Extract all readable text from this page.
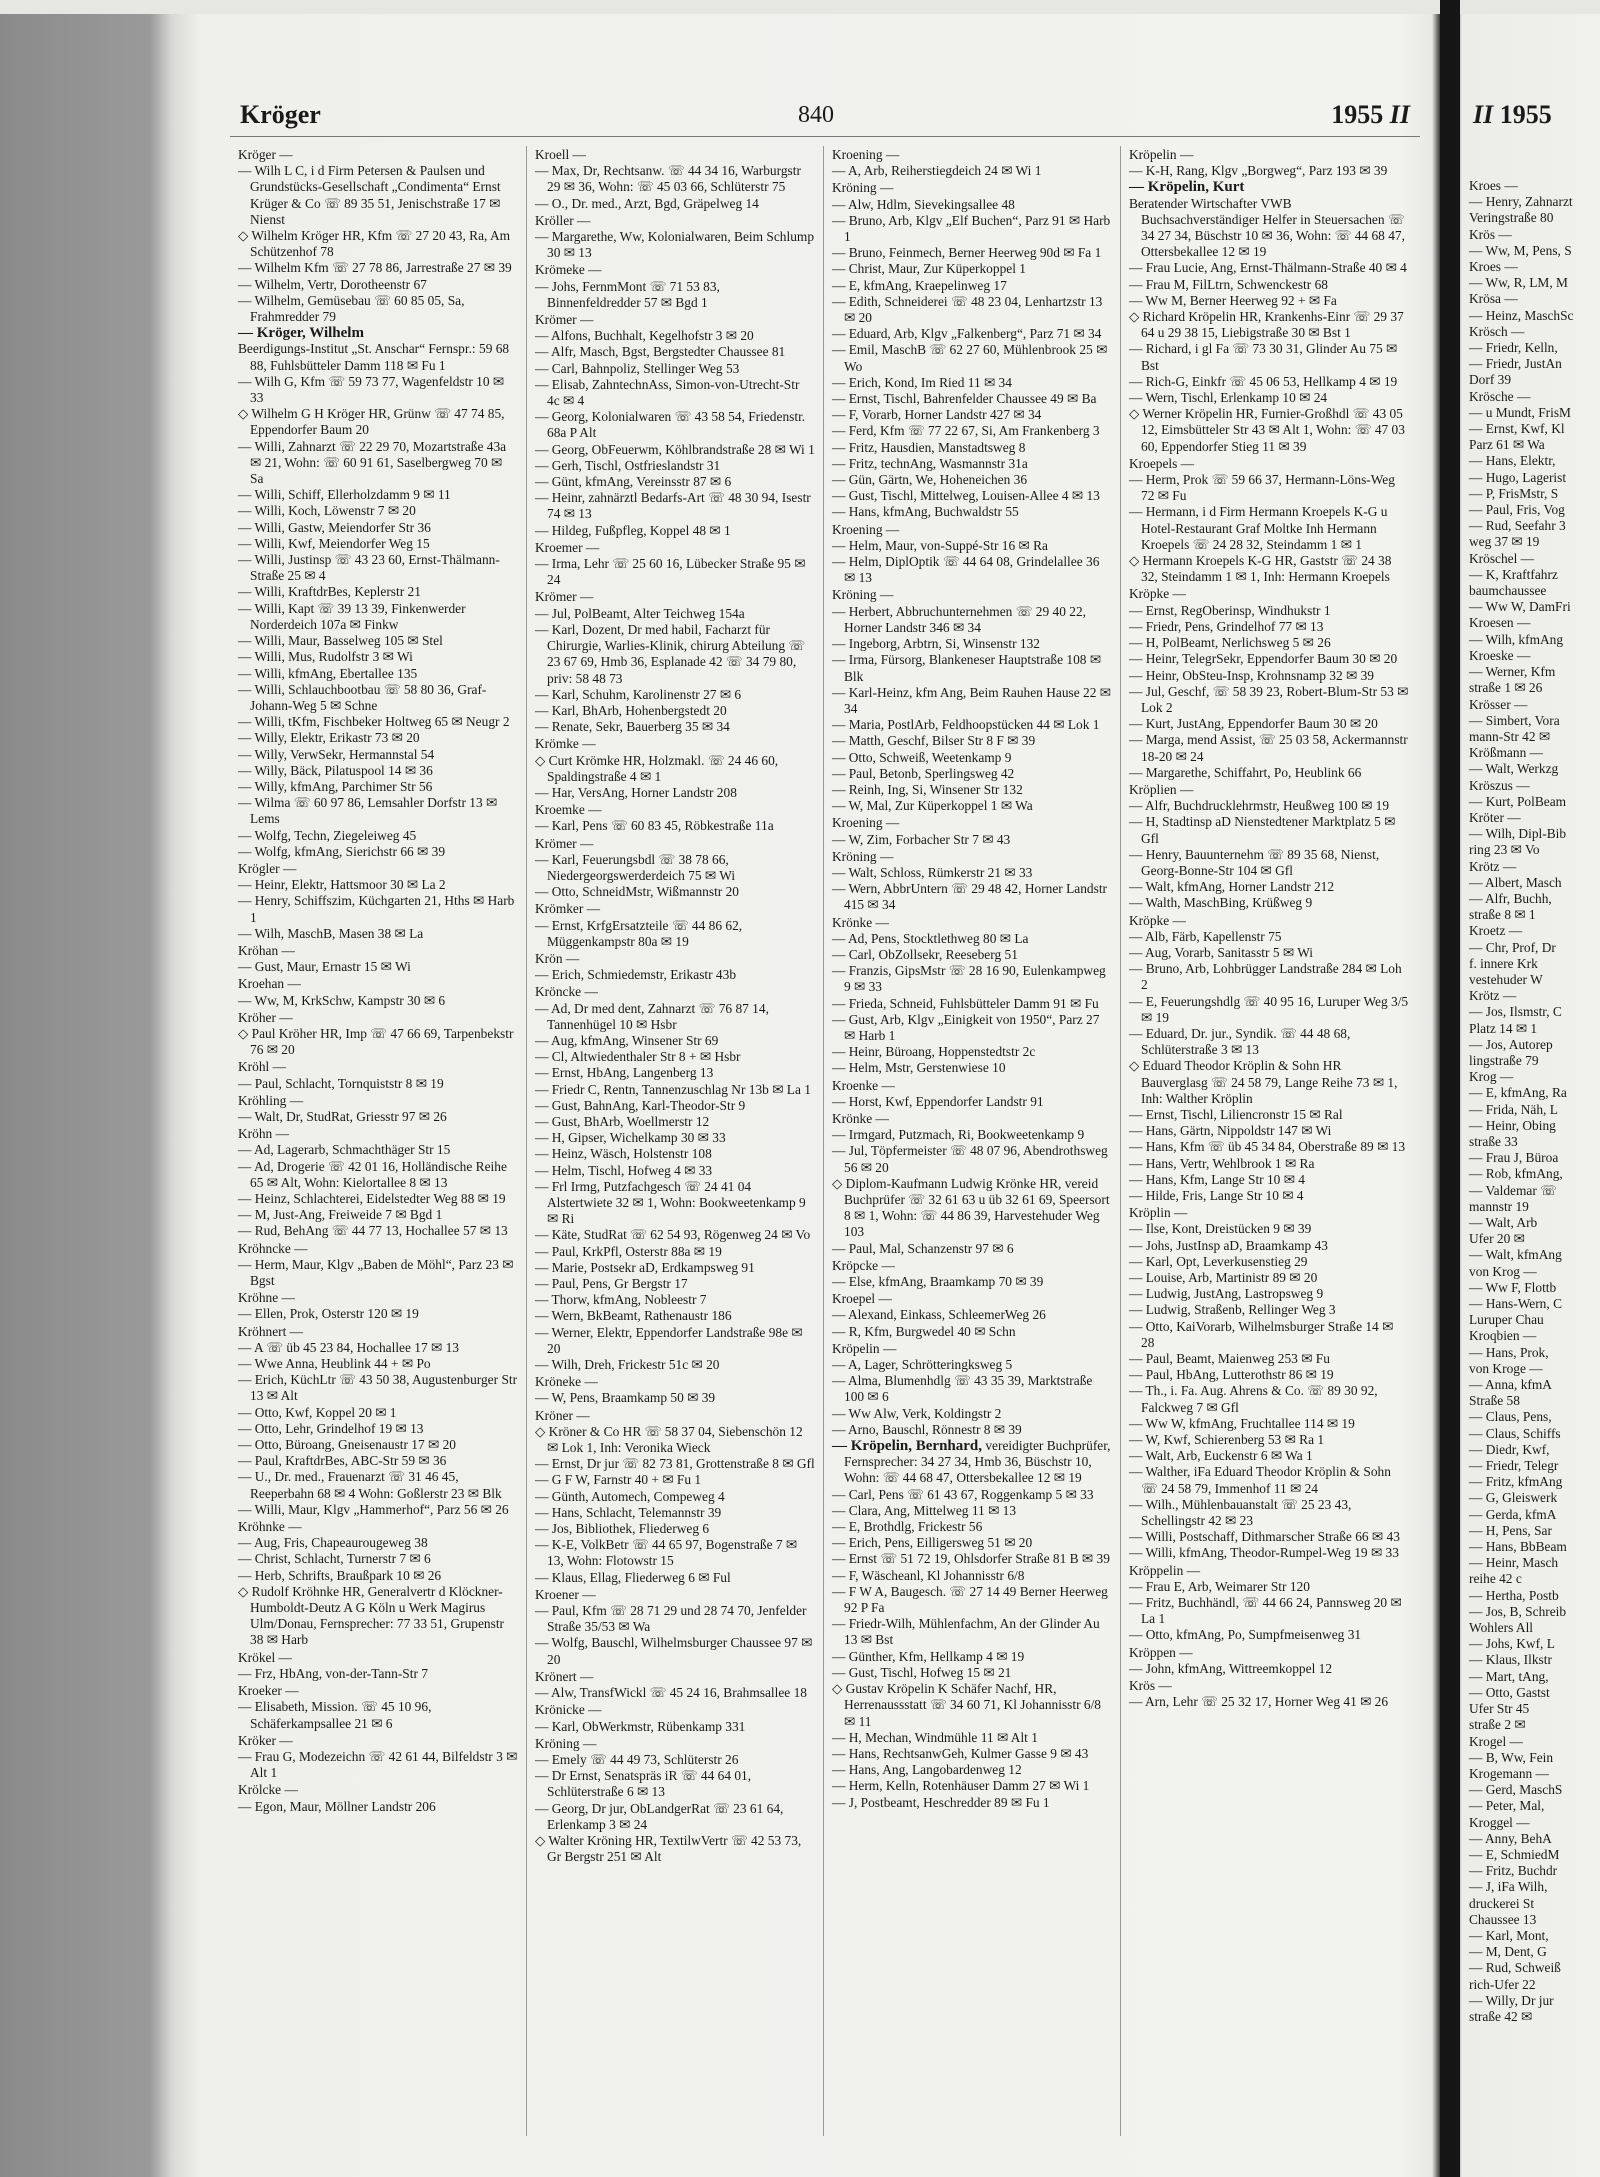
Kröger	840	1955 II
Kröger —
— Wilh L C, i d Firm Petersen & Paulsen und Grundstücks-Gesellschaft „Condimenta“ Ernst Krüger & Co ☏ 89 35 51, Jenischstraße 17 ✉ Nienst
◇ Wilhelm Kröger HR, Kfm ☏ 27 20 43, Ra, Am Schützenhof 78
— Wilhelm Kfm ☏ 27 78 86, Jarrestraße 27 ✉ 39
— Wilhelm, Vertr, Dorotheenstr 67
— Wilhelm, Gemüsebau ☏ 60 85 05, Sa, Frahmredder 79
— Kröger, Wilhelm
Beerdigungs-Institut „St. Anschar“ Fernspr.: 59 68 88, Fuhlsbütteler Damm 118 ✉ Fu 1
— Wilh G, Kfm ☏ 59 73 77, Wagenfeldstr 10 ✉ 33
◇ Wilhelm G H Kröger HR, Grünw ☏ 47 74 85, Eppendorfer Baum 20
— Willi, Zahnarzt ☏ 22 29 70, Mozartstraße 43a ✉ 21, Wohn: ☏ 60 91 61, Saselbergweg 70 ✉ Sa
— Willi, Schiff, Ellerholzdamm 9 ✉ 11
— Willi, Koch, Löwenstr 7 ✉ 20
— Willi, Gastw, Meiendorfer Str 36
— Willi, Kwf, Meiendorfer Weg 15
— Willi, Justinsp ☏ 43 23 60, Ernst-Thälmann-Straße 25 ✉ 4
— Willi, KraftdrBes, Keplerstr 21
— Willi, Kapt ☏ 39 13 39, Finkenwerder Norderdeich 107a ✉ Finkw
— Willi, Maur, Basselweg 105 ✉ Stel
— Willi, Mus, Rudolfstr 3 ✉ Wi
— Willi, kfmAng, Ebertallee 135
— Willi, Schlauchbootbau ☏ 58 80 36, Graf-Johann-Weg 5 ✉ Schne
— Willi, tKfm, Fischbeker Holtweg 65 ✉ Neugr 2
— Willy, Elektr, Erikastr 73 ✉ 20
— Willy, VerwSekr, Hermannstal 54
— Willy, Bäck, Pilatuspool 14 ✉ 36
— Willy, kfmAng, Parchimer Str 56
— Wilma ☏ 60 97 86, Lemsahler Dorfstr 13 ✉ Lems
— Wolfg, Techn, Ziegeleiweg 45
— Wolfg, kfmAng, Sierichstr 66 ✉ 39
Krögler —
— Heinr, Elektr, Hattsmoor 30 ✉ La 2
— Henry, Schiffszim, Küchgarten 21, Hths ✉ Harb 1
— Wilh, MaschB, Masen 38 ✉ La
Kröhan —
— Gust, Maur, Ernastr 15 ✉ Wi
Kroehan —
— Ww, M, KrkSchw, Kampstr 30 ✉ 6
Kröher —
◇ Paul Kröher HR, Imp ☏ 47 66 69, Tarpenbekstr 76 ✉ 20
Kröhl —
— Paul, Schlacht, Tornquiststr 8 ✉ 19
Kröhling —
— Walt, Dr, StudRat, Griesstr 97 ✉ 26
Kröhn —
— Ad, Lagerarb, Schmachthäger Str 15
— Ad, Drogerie ☏ 42 01 16, Holländische Reihe 65 ✉ Alt, Wohn: Kielortallee 8 ✉ 13
— Heinz, Schlachterei, Eidelstedter Weg 88 ✉ 19
— M, Just-Ang, Freiweide 7 ✉ Bgd 1
— Rud, BehAng ☏ 44 77 13, Hochallee 57 ✉ 13
Kröhncke —
— Herm, Maur, Klgv „Baben de Möhl“, Parz 23 ✉ Bgst
Kröhne —
— Ellen, Prok, Osterstr 120 ✉ 19
Kröhnert —
— A ☏ üb 45 23 84, Hochallee 17 ✉ 13
— Wwe Anna, Heublink 44 + ✉ Po
— Erich, KüchLtr ☏ 43 50 38, Augustenburger Str 13 ✉ Alt
— Otto, Kwf, Koppel 20 ✉ 1
— Otto, Lehr, Grindelhof 19 ✉ 13
— Otto, Büroang, Gneisenaustr 17 ✉ 20
— Paul, KraftdrBes, ABC-Str 59 ✉ 36
— U., Dr. med., Frauenarzt ☏ 31 46 45, Reeperbahn 68 ✉ 4 Wohn: Goßlerstr 23 ✉ Blk
— Willi, Maur, Klgv „Hammerhof“, Parz 56 ✉ 26
Kröhnke —
— Aug, Fris, Chapeaurougeweg 38
— Christ, Schlacht, Turnerstr 7 ✉ 6
— Herb, Schrifts, Braußpark 10 ✉ 26
◇ Rudolf Kröhnke HR, Generalvertr d Klöckner-Humboldt-Deutz A G Köln u Werk Magirus Ulm/Donau, Fernsprecher: 77 33 51, Grupenstr 38 ✉ Harb
Krökel —
— Frz, HbAng, von-der-Tann-Str 7
Kroeker —
— Elisabeth, Mission. ☏ 45 10 96, Schäferkampsallee 21 ✉ 6
Kröker —
— Frau G, Modezeichn ☏ 42 61 44, Bilfeldstr 3 ✉ Alt 1
Krölcke —
— Egon, Maur, Möllner Landstr 206
Kroell —
— Max, Dr, Rechtsanw. ☏ 44 34 16, Warburgstr 29 ✉ 36, Wohn: ☏ 45 03 66, Schlüterstr 75
— O., Dr. med., Arzt, Bgd, Gräpelweg 14
Kröller —
— Margarethe, Ww, Kolonialwaren, Beim Schlump 30 ✉ 13
Krömeke —
— Johs, FernmMont ☏ 71 53 83, Binnenfeldredder 57 ✉ Bgd 1
Krömer —
— Alfons, Buchhalt, Kegelhofstr 3 ✉ 20
— Alfr, Masch, Bgst, Bergstedter Chaussee 81
— Carl, Bahnpoliz, Stellinger Weg 53
— Elisab, ZahntechnAss, Simon-von-Utrecht-Str 4c ✉ 4
— Georg, Kolonialwaren ☏ 43 58 54, Friedenstr. 68a P Alt
— Georg, ObFeuerwm, Köhlbrandstraße 28 ✉ Wi 1
— Gerh, Tischl, Ostfrieslandstr 31
— Günt, kfmAng, Vereinsstr 87 ✉ 6
— Heinr, zahnärztl Bedarfs-Art ☏ 48 30 94, Isestr 74 ✉ 13
— Hildeg, Fußpfleg, Koppel 48 ✉ 1
Kroemer —
— Irma, Lehr ☏ 25 60 16, Lübecker Straße 95 ✉ 24
Krömer —
— Jul, PolBeamt, Alter Teichweg 154a
— Karl, Dozent, Dr med habil, Facharzt für Chirurgie, Warlies-Klinik, chirurg Abteilung ☏ 23 67 69, Hmb 36, Esplanade 42 ☏ 34 79 80, priv: 58 48 73
— Karl, Schuhm, Karolinenstr 27 ✉ 6
— Karl, BhArb, Hohenbergstedt 20
— Renate, Sekr, Bauerberg 35 ✉ 34
Krömke —
◇ Curt Krömke HR, Holzmakl. ☏ 24 46 60, Spaldingstraße 4 ✉ 1
— Har, VersAng, Horner Landstr 208
Kroemke —
— Karl, Pens ☏ 60 83 45, Röbkestraße 11a
Krömer —
— Karl, Feuerungsbdl ☏ 38 78 66, Niedergeorgswerderdeich 75 ✉ Wi
— Otto, SchneidMstr, Wißmannstr 20
Krömker —
— Ernst, KrfgErsatzteile ☏ 44 86 62, Müggenkampstr 80a ✉ 19
Krön —
— Erich, Schmiedemstr, Erikastr 43b
Kröncke —
— Ad, Dr med dent, Zahnarzt ☏ 76 87 14, Tannenhügel 10 ✉ Hsbr
— Aug, kfmAng, Winsener Str 69
— Cl, Altwiedenthaler Str 8 + ✉ Hsbr
— Ernst, HbAng, Langenberg 13
— Friedr C, Rentn, Tannenzuschlag Nr 13b ✉ La 1
— Gust, BahnAng, Karl-Theodor-Str 9
— Gust, BhArb, Woellmerstr 12
— H, Gipser, Wichelkamp 30 ✉ 33
— Heinz, Wäsch, Holstenstr 108
— Helm, Tischl, Hofweg 4 ✉ 33
— Frl Irmg, Putzfachgesch ☏ 24 41 04 Alstertwiete 32 ✉ 1, Wohn: Bookweetenkamp 9 ✉ Ri
— Käte, StudRat ☏ 62 54 93, Rögenweg 24 ✉ Vo
— Paul, KrkPfl, Osterstr 88a ✉ 19
— Marie, Postsekr aD, Erdkampsweg 91
— Paul, Pens, Gr Bergstr 17
— Thorw, kfmAng, Nobleestr 7
— Wern, BkBeamt, Rathenaustr 186
— Werner, Elektr, Eppendorfer Landstraße 98e ✉ 20
— Wilh, Dreh, Frickestr 51c ✉ 20
Kröneke —
— W, Pens, Braamkamp 50 ✉ 39
Kröner —
◇ Kröner & Co HR ☏ 58 37 04, Siebenschön 12 ✉ Lok 1, Inh: Veronika Wieck
— Ernst, Dr jur ☏ 82 73 81, Grottenstraße 8 ✉ Gfl
— G F W, Farnstr 40 + ✉ Fu 1
— Günth, Automech, Compeweg 4
— Hans, Schlacht, Telemannstr 39
— Jos, Bibliothek, Fliederweg 6
— K-E, VolkBetr ☏ 44 65 97, Bogenstraße 7 ✉ 13, Wohn: Flotowstr 15
— Klaus, Ellag, Fliederweg 6 ✉ Ful
Kroener —
— Paul, Kfm ☏ 28 71 29 und 28 74 70, Jenfelder Straße 35/53 ✉ Wa
— Wolfg, Bauschl, Wilhelmsburger Chaussee 97 ✉ 20
Krönert —
— Alw, TransfWickl ☏ 45 24 16, Brahmsallee 18
Krönicke —
— Karl, ObWerkmstr, Rübenkamp 331
Kröning —
— Emely ☏ 44 49 73, Schlüterstr 26
— Dr Ernst, Senatspräs iR ☏ 44 64 01, Schlüterstraße 6 ✉ 13
— Georg, Dr jur, ObLandgerRat ☏ 23 61 64, Erlenkamp 3 ✉ 24
◇ Walter Kröning HR, TextilwVertr ☏ 42 53 73, Gr Bergstr 251 ✉ Alt
Kroening —
— A, Arb, Reiherstiegdeich 24 ✉ Wi 1
Kröning —
— Alw, Hdlm, Sievekingsallee 48
— Bruno, Arb, Klgv „Elf Buchen“, Parz 91 ✉ Harb 1
— Bruno, Feinmech, Berner Heerweg 90d ✉ Fa 1
— Christ, Maur, Zur Küperkoppel 1
— E, kfmAng, Kraepelinweg 17
— Edith, Schneiderei ☏ 48 23 04, Lenhartzstr 13 ✉ 20
— Eduard, Arb, Klgv „Falkenberg“, Parz 71 ✉ 34
— Emil, MaschB ☏ 62 27 60, Mühlenbrook 25 ✉ Wo
— Erich, Kond, Im Ried 11 ✉ 34
— Ernst, Tischl, Bahrenfelder Chaussee 49 ✉ Ba
— F, Vorarb, Horner Landstr 427 ✉ 34
— Ferd, Kfm ☏ 77 22 67, Si, Am Frankenberg 3
— Fritz, Hausdien, Manstadtsweg 8
— Fritz, technAng, Wasmannstr 31a
— Gün, Gärtn, We, Hoheneichen 36
— Gust, Tischl, Mittelweg, Louisen-Allee 4 ✉ 13
— Hans, kfmAng, Buchwaldstr 55
Kroening —
— Helm, Maur, von-Suppé-Str 16 ✉ Ra
— Helm, DiplOptik ☏ 44 64 08, Grindelallee 36 ✉ 13
Kröning —
— Herbert, Abbruchunternehmen ☏ 29 40 22, Horner Landstr 346 ✉ 34
— Ingeborg, Arbtrn, Si, Winsenstr 132
— Irma, Fürsorg, Blankeneser Hauptstraße 108 ✉ Blk
— Karl-Heinz, kfm Ang, Beim Rauhen Hause 22 ✉ 34
— Maria, PostlArb, Feldhoopstücken 44 ✉ Lok 1
— Matth, Geschf, Bilser Str 8 F ✉ 39
— Otto, Schweiß, Weetenkamp 9
— Paul, Betonb, Sperlingsweg 42
— Reinh, Ing, Si, Winsener Str 132
— W, Mal, Zur Küperkoppel 1 ✉ Wa
Kroening —
— W, Zim, Forbacher Str 7 ✉ 43
Kröning —
— Walt, Schloss, Rümkerstr 21 ✉ 33
— Wern, AbbrUntern ☏ 29 48 42, Horner Landstr 415 ✉ 34
Krönke —
— Ad, Pens, Stocktlethweg 80 ✉ La
— Carl, ObZollsekr, Reeseberg 51
— Franzis, GipsMstr ☏ 28 16 90, Eulenkampweg 9 ✉ 33
— Frieda, Schneid, Fuhlsbütteler Damm 91 ✉ Fu
— Gust, Arb, Klgv „Einigkeit von 1950“, Parz 27 ✉ Harb 1
— Heinr, Büroang, Hoppenstedtstr 2c
— Helm, Mstr, Gerstenwiese 10
Kroenke —
— Horst, Kwf, Eppendorfer Landstr 91
Krönke —
— Irmgard, Putzmach, Ri, Bookweetenkamp 9
— Jul, Töpfermeister ☏ 48 07 96, Abendrothsweg 56 ✉ 20
◇ Diplom-Kaufmann Ludwig Krönke HR, vereid Buchprüfer ☏ 32 61 63 u üb 32 61 69, Speersort 8 ✉ 1, Wohn: ☏ 44 86 39, Harvestehuder Weg 103
— Paul, Mal, Schanzenstr 97 ✉ 6
Kröpcke —
— Else, kfmAng, Braamkamp 70 ✉ 39
Kroepel —
— Alexand, Einkass, SchleemerWeg 26
— R, Kfm, Burgwedel 40 ✉ Schn
Kröpelin —
— A, Lager, Schrötteringksweg 5
— Alma, Blumenhdlg ☏ 43 35 39, Marktstraße 100 ✉ 6
— Ww Alw, Verk, Koldingstr 2
— Arno, Bauschl, Rönnestr 8 ✉ 39
— Kröpelin, Bernhard, vereidigter Buchprüfer, Fernsprecher: 34 27 34, Hmb 36, Büschstr 10, Wohn: ☏ 44 68 47, Ottersbekallee 12 ✉ 19
— Carl, Pens ☏ 61 43 67, Roggenkamp 5 ✉ 33
— Clara, Ang, Mittelweg 11 ✉ 13
— E, Brothdlg, Frickestr 56
— Erich, Pens, Eilligersweg 51 ✉ 20
— Ernst ☏ 51 72 19, Ohlsdorfer Straße 81 B ✉ 39
— F, Wäscheanl, Kl Johannisstr 6/8
— F W A, Baugesch. ☏ 27 14 49 Berner Heerweg 92 P Fa
— Friedr-Wilh, Mühlenfachm, An der Glinder Au 13 ✉ Bst
— Günther, Kfm, Hellkamp 4 ✉ 19
— Gust, Tischl, Hofweg 15 ✉ 21
◇ Gustav Kröpelin K Schäfer Nachf, HR, Herrenaussstatt ☏ 34 60 71, Kl Johannisstr 6/8 ✉ 11
— H, Mechan, Windmühle 11 ✉ Alt 1
— Hans, RechtsanwGeh, Kulmer Gasse 9 ✉ 43
— Hans, Ang, Langobardenweg 12
— Herm, Kelln, Rotenhäuser Damm 27 ✉ Wi 1
— J, Postbeamt, Heschredder 89 ✉ Fu 1
Kröpelin —
— K-H, Rang, Klgv „Borgweg“, Parz 193 ✉ 39
— Kröpelin, Kurt
Beratender Wirtschafter VWB Buchsachverständiger Helfer in Steuersachen ☏ 34 27 34, Büschstr 10 ✉ 36, Wohn: ☏ 44 68 47, Ottersbekallee 12 ✉ 19
— Frau Lucie, Ang, Ernst-Thälmann-Straße 40 ✉ 4
— Frau M, FilLtrn, Schwenckestr 68
— Ww M, Berner Heerweg 92 + ✉ Fa
◇ Richard Kröpelin HR, Krankenhs-Einr ☏ 29 37 64 u 29 38 15, Liebigstraße 30 ✉ Bst 1
— Richard, i gl Fa ☏ 73 30 31, Glinder Au 75 ✉ Bst
— Rich-G, Einkfr ☏ 45 06 53, Hellkamp 4 ✉ 19
— Wern, Tischl, Erlenkamp 10 ✉ 24
◇ Werner Kröpelin HR, Furnier-Großhdl ☏ 43 05 12, Eimsbütteler Str 43 ✉ Alt 1, Wohn: ☏ 47 03 60, Eppendorfer Stieg 11 ✉ 39
Kroepels —
— Herm, Prok ☏ 59 66 37, Hermann-Löns-Weg 72 ✉ Fu
— Hermann, i d Firm Hermann Kroepels K-G u Hotel-Restaurant Graf Moltke Inh Hermann Kroepels ☏ 24 28 32, Steindamm 1 ✉ 1
◇ Hermann Kroepels K-G HR, Gaststr ☏ 24 38 32, Steindamm 1 ✉ 1, Inh: Hermann Kroepels
Kröpke —
— Ernst, RegOberinsp, Windhukstr 1
— Friedr, Pens, Grindelhof 77 ✉ 13
— H, PolBeamt, Nerlichsweg 5 ✉ 26
— Heinr, TelegrSekr, Eppendorfer Baum 30 ✉ 20
— Heinr, ObSteu-Insp, Krohnsnamp 32 ✉ 39
— Jul, Geschf, ☏ 58 39 23, Robert-Blum-Str 53 ✉ Lok 2
— Kurt, JustAng, Eppendorfer Baum 30 ✉ 20
— Marga, mend Assist, ☏ 25 03 58, Ackermannstr 18-20 ✉ 24
— Margarethe, Schiffahrt, Po, Heublink 66
Kröplien —
— Alfr, Buchdrucklehrmstr, Heußweg 100 ✉ 19
— H, Stadtinsp aD Nienstedtener Marktplatz 5 ✉ Gfl
— Henry, Bauunternehm ☏ 89 35 68, Nienst, Georg-Bonne-Str 104 ✉ Gfl
— Walt, kfmAng, Horner Landstr 212
— Walth, MaschBing, Krüßweg 9
Kröpke —
— Alb, Färb, Kapellenstr 75
— Aug, Vorarb, Sanitasstr 5 ✉ Wi
— Bruno, Arb, Lohbrügger Landstraße 284 ✉ Loh 2
— E, Feuerungshdlg ☏ 40 95 16, Luruper Weg 3/5 ✉ 19
— Eduard, Dr. jur., Syndik. ☏ 44 48 68, Schlüterstraße 3 ✉ 13
◇ Eduard Theodor Kröplin & Sohn HR Bauverglasg ☏ 24 58 79, Lange Reihe 73 ✉ 1, Inh: Walther Kröplin
— Ernst, Tischl, Liliencronstr 15 ✉ Ral
— Hans, Gärtn, Nippoldstr 147 ✉ Wi
— Hans, Kfm ☏ üb 45 34 84, Oberstraße 89 ✉ 13
— Hans, Vertr, Wehlbrook 1 ✉ Ra
— Hans, Kfm, Lange Str 10 ✉ 4
— Hilde, Fris, Lange Str 10 ✉ 4
Kröplin —
— Ilse, Kont, Dreistücken 9 ✉ 39
— Johs, JustInsp aD, Braamkamp 43
— Karl, Opt, Leverkusenstieg 29
— Louise, Arb, Martinistr 89 ✉ 20
— Ludwig, JustAng, Lastropsweg 9
— Ludwig, Straßenb, Rellinger Weg 3
— Otto, KaiVorarb, Wilhelmsburger Straße 14 ✉ 28
— Paul, Beamt, Maienweg 253 ✉ Fu
— Paul, HbAng, Lutterothstr 86 ✉ 19
— Th., i. Fa. Aug. Ahrens & Co. ☏ 89 30 92, Falckweg 7 ✉ Gfl
— Ww W, kfmAng, Fruchtallee 114 ✉ 19
— W, Kwf, Schierenberg 53 ✉ Ra 1
— Walt, Arb, Euckenstr 6 ✉ Wa 1
— Walther, iFa Eduard Theodor Kröplin & Sohn ☏ 24 58 79, Immenhof 11 ✉ 24
— Wilh., Mühlenbauanstalt ☏ 25 23 43, Schellingstr 42 ✉ 23
— Willi, Postschaff, Dithmarscher Straße 66 ✉ 43
— Willi, kfmAng, Theodor-Rumpel-Weg 19 ✉ 33
Kröppelin —
— Frau E, Arb, Weimarer Str 120
— Fritz, Buchhändl, ☏ 44 66 24, Pannsweg 20 ✉ La 1
— Otto, kfmAng, Po, Sumpfmeisenweg 31
Kröppen —
— John, kfmAng, Wittreemkoppel 12
Krös —
— Arn, Lehr ☏ 25 32 17, Horner Weg 41 ✉ 26
II 1955
Kroes —
— Henry, Zahnarzt
Veringstraße 80
Krös —
— Ww, M, Pens, S
Kroes —
— Ww, R, LM, M
Krösa —
— Heinz, MaschSc
Krösch —
— Friedr, Kelln,
— Friedr, JustAn
Dorf 39
Krösche —
— u Mundt, FrisM
— Ernst, Kwf, Kl
Parz 61 ✉ Wa
— Hans, Elektr,
— Hugo, Lagerist
— P, FrisMstr, S
— Paul, Fris, Vog
— Rud, Seefahr 3
weg 37 ✉ 19
Kröschel —
— K, Kraftfahrz
baumchaussee
— Ww W, DamFri
Kroesen —
— Wilh, kfmAng
Kroeske —
— Werner, Kfm
straße 1 ✉ 26
Krösser —
— Simbert, Vora
mann-Str 42 ✉
Krößmann —
— Walt, Werkzg
Kröszus —
— Kurt, PolBeam
Kröter —
— Wilh, Dipl-Bib
ring 23 ✉ Vo
Krötz —
— Albert, Masch
— Alfr, Buchh,
straße 8 ✉ 1
Kroetz —
— Chr, Prof, Dr
f. innere Krk
vestehuder W
Krötz —
— Jos, Ilsmstr, C
Platz 14 ✉ 1
— Jos, Autorep
lingstraße 79
Krog —
— E, kfmAng, Ra
— Frida, Näh, L
— Heinr, Obing
straße 33
— Frau J, Büroa
— Rob, kfmAng,
— Valdemar ☏
mannstr 19
— Walt, Arb
Ufer 20 ✉
— Walt, kfmAng
von Krog —
— Ww F, Flottb
— Hans-Wern, C
Luruper Chau
Kroqbien —
— Hans, Prok,
von Kroge —
— Anna, kfmA
Straße 58
— Claus, Pens,
— Claus, Schiffs
— Diedr, Kwf,
— Friedr, Telegr
— Fritz, kfmAng
— G, Gleiswerk
— Gerda, kfmA
— H, Pens, Sar
— Hans, BbBeam
— Heinr, Masch
reihe 42 c
— Hertha, Postb
— Jos, B, Schreib
Wohlers All
— Johs, Kwf, L
— Klaus, Ilkstr
— Mart, tAng,
— Otto, Gastst
Ufer Str 45
straße 2 ✉
Krogel —
— B, Ww, Fein
Krogemann —
— Gerd, MaschS
— Peter, Mal,
Kroggel —
— Anny, BehA
— E, SchmiedM
— Fritz, Buchdr
— J, iFa Wilh,
druckerei St
Chaussee 13
— Karl, Mont,
— M, Dent, G
— Rud, Schweiß
rich-Ufer 22
— Willy, Dr jur
straße 42 ✉
